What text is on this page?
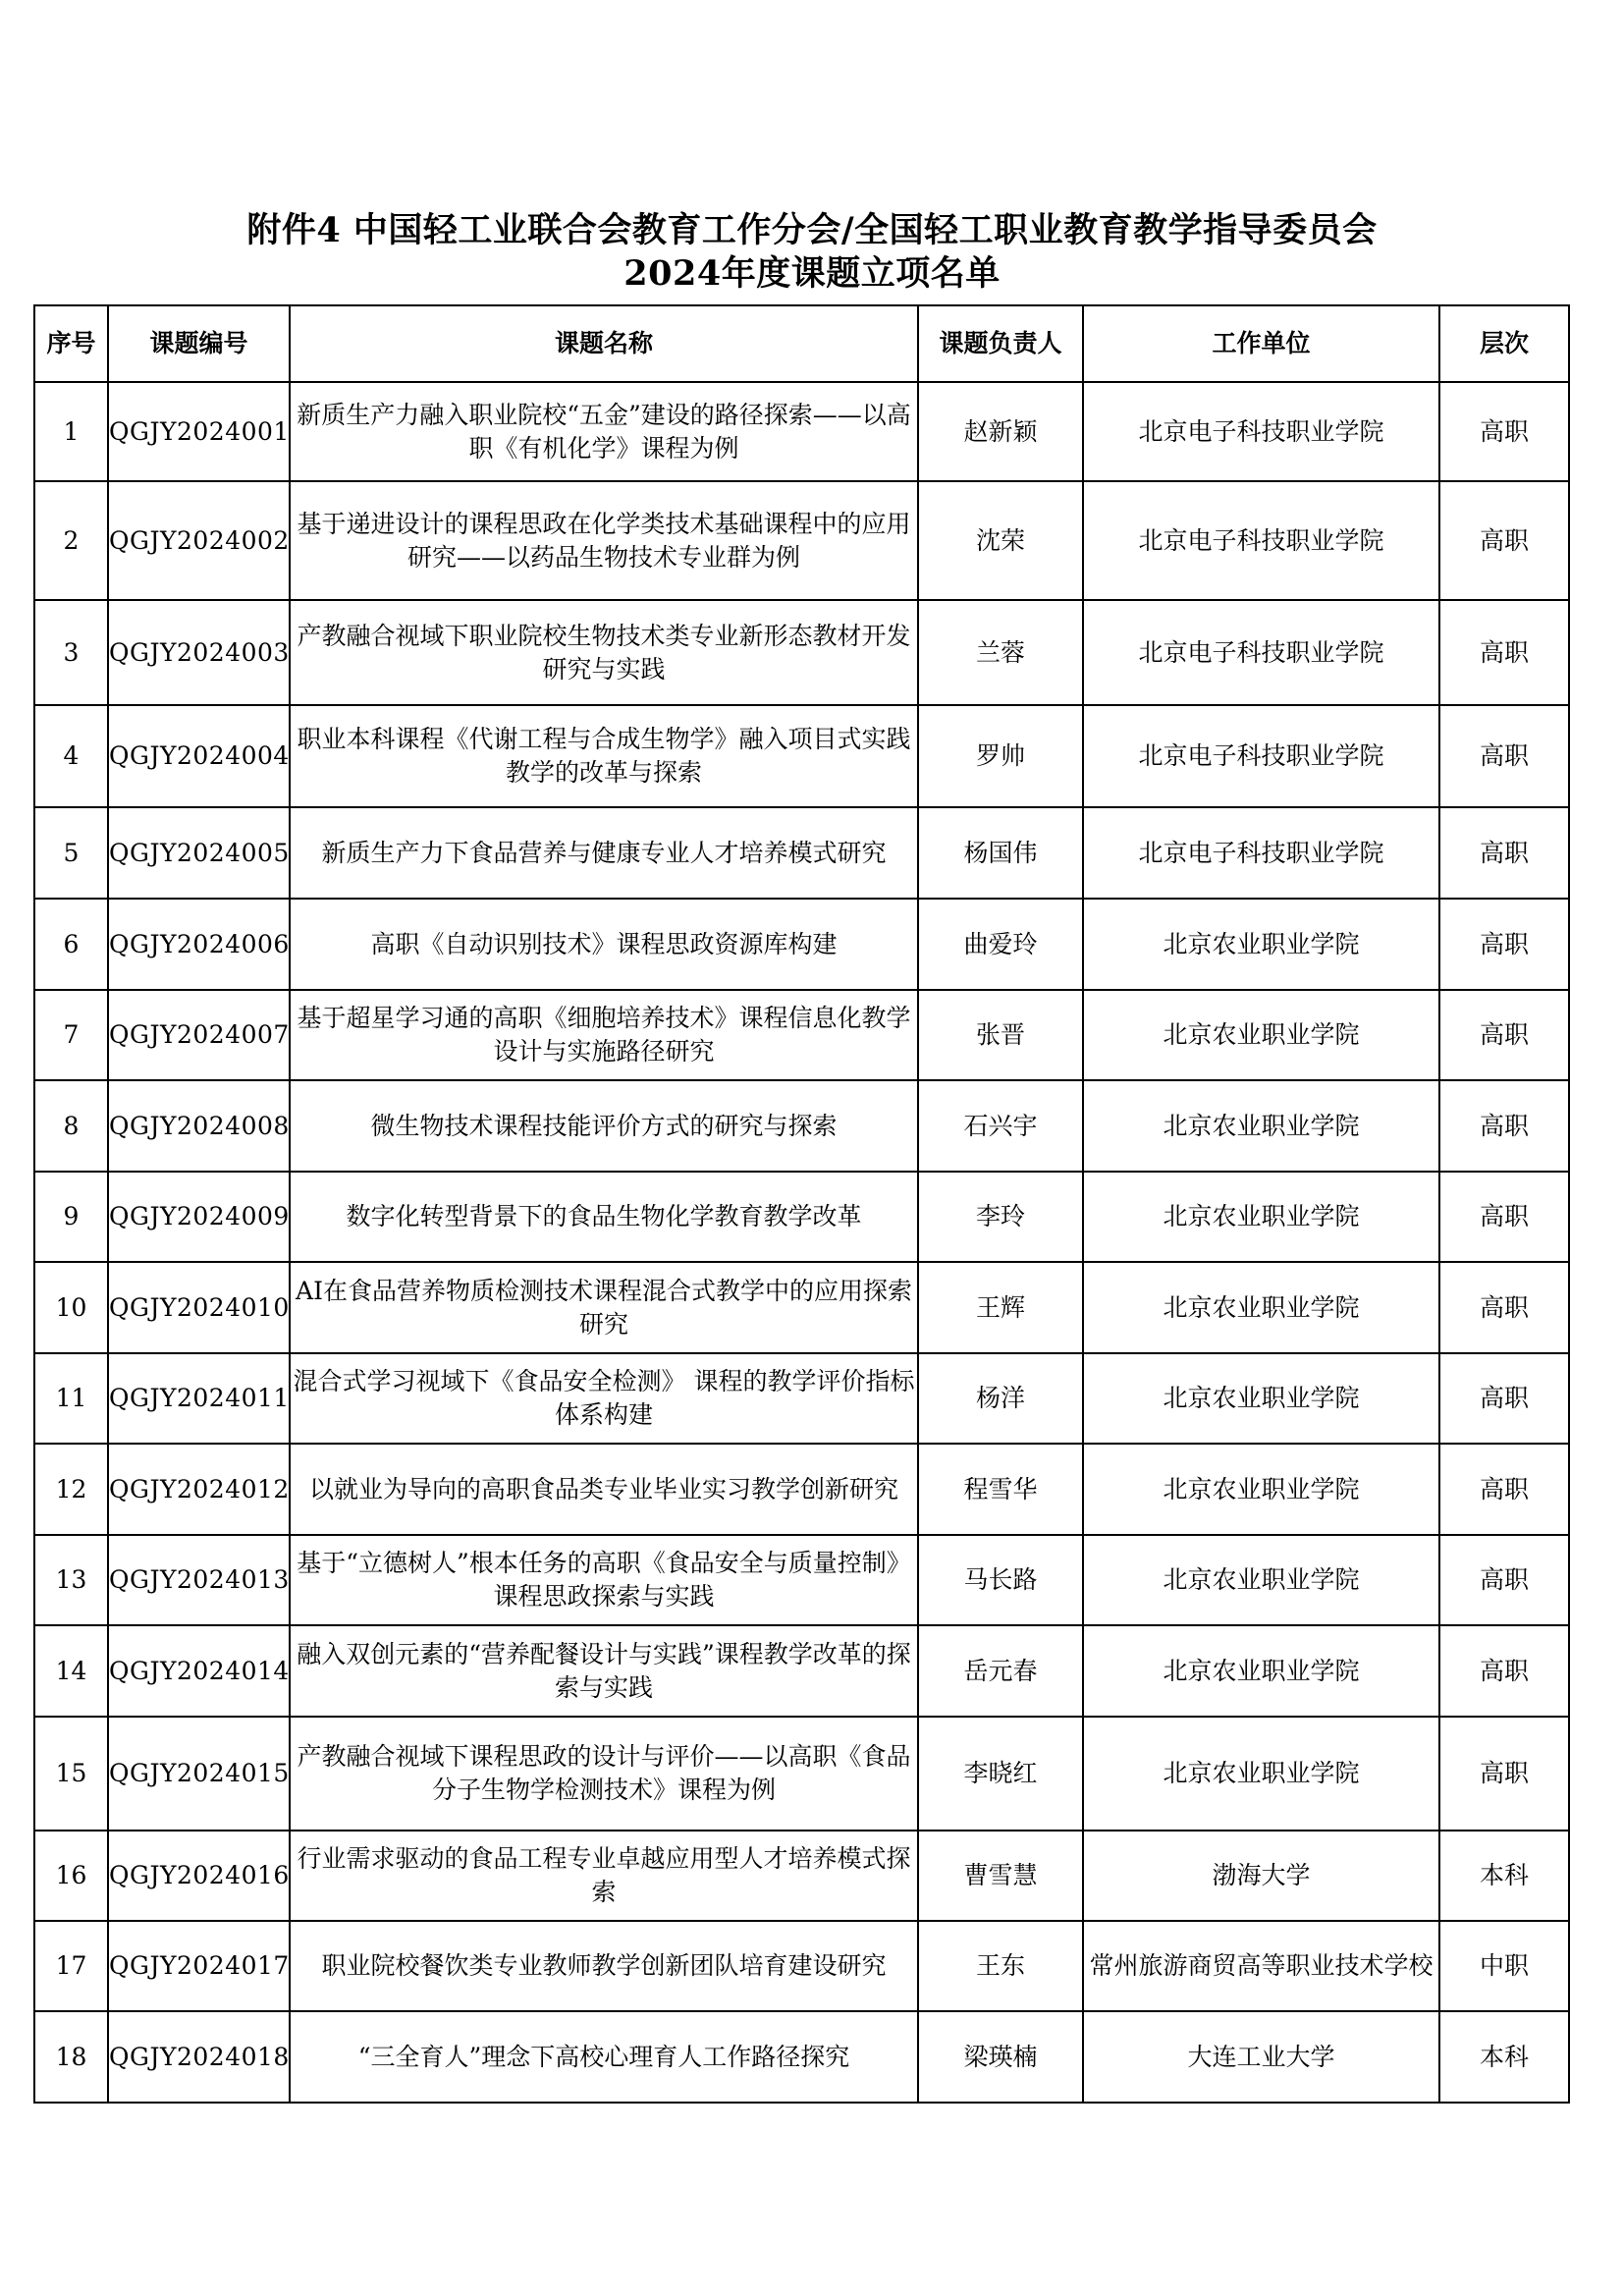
附件4 中国轻工业联合会教育工作分会/全国轻工职业教育教学指导委员会
2024年度课题立项名单
序号	课题编号	课题名称	课题负责人	工作单位	层次
1	QGJY2024001	新质生产力融入职业院校“五金”建设的路径探索——以高职《有机化学》课程为例	赵新颖	北京电子科技职业学院	高职
2	QGJY2024002	基于递进设计的课程思政在化学类技术基础课程中的应用研究——以药品生物技术专业群为例	沈荣	北京电子科技职业学院	高职
3	QGJY2024003	产教融合视域下职业院校生物技术类专业新形态教材开发研究与实践	兰蓉	北京电子科技职业学院	高职
4	QGJY2024004	职业本科课程《代谢工程与合成生物学》融入项目式实践教学的改革与探索	罗帅	北京电子科技职业学院	高职
5	QGJY2024005	新质生产力下食品营养与健康专业人才培养模式研究	杨国伟	北京电子科技职业学院	高职
6	QGJY2024006	高职《自动识别技术》课程思政资源库构建	曲爱玲	北京农业职业学院	高职
7	QGJY2024007	基于超星学习通的高职《细胞培养技术》课程信息化教学设计与实施路径研究	张晋	北京农业职业学院	高职
8	QGJY2024008	微生物技术课程技能评价方式的研究与探索	石兴宇	北京农业职业学院	高职
9	QGJY2024009	数字化转型背景下的食品生物化学教育教学改革	李玲	北京农业职业学院	高职
10	QGJY2024010	AI在食品营养物质检测技术课程混合式教学中的应用探索研究	王辉	北京农业职业学院	高职
11	QGJY2024011	混合式学习视域下《食品安全检测》 课程的教学评价指标体系构建	杨洋	北京农业职业学院	高职
12	QGJY2024012	以就业为导向的高职食品类专业毕业实习教学创新研究	程雪华	北京农业职业学院	高职
13	QGJY2024013	基于“立德树人”根本任务的高职《食品安全与质量控制》课程思政探索与实践	马长路	北京农业职业学院	高职
14	QGJY2024014	融入双创元素的“营养配餐设计与实践”课程教学改革的探索与实践	岳元春	北京农业职业学院	高职
15	QGJY2024015	产教融合视域下课程思政的设计与评价——以高职《食品分子生物学检测技术》课程为例	李晓红	北京农业职业学院	高职
16	QGJY2024016	行业需求驱动的食品工程专业卓越应用型人才培养模式探索	曹雪慧	渤海大学	本科
17	QGJY2024017	职业院校餐饮类专业教师教学创新团队培育建设研究	王东	常州旅游商贸高等职业技术学校	中职
18	QGJY2024018	“三全育人”理念下高校心理育人工作路径探究	梁瑛楠	大连工业大学	本科
